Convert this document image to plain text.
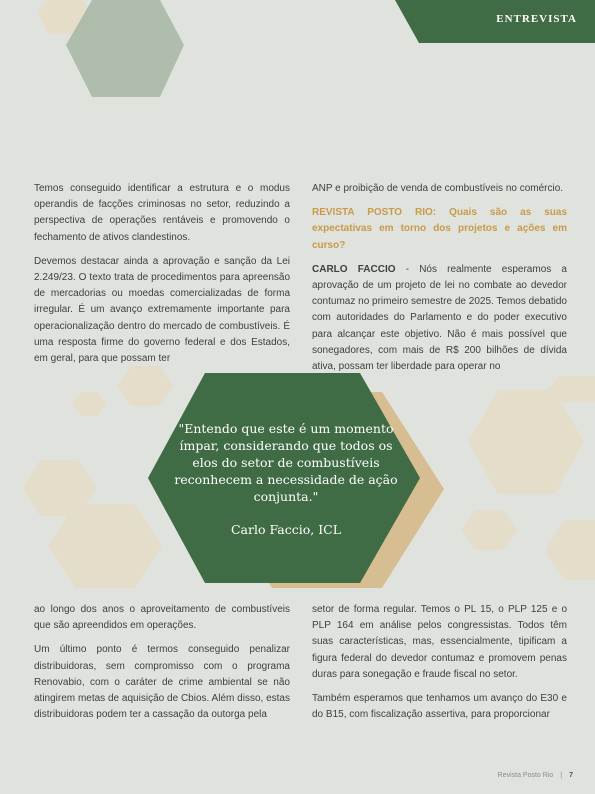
ENTREVISTA

Temos conseguido identificar a estrutura e o modus operandis de facções criminosas no setor, reduzindo a perspectiva de operações rentáveis e promovendo o fechamento de ativos clandestinos.

Devemos destacar ainda a aprovação e sanção da Lei 2.249/23. O texto trata de procedimentos para apreensão de mercadorias ou moedas comercializadas de forma irregular. É um avanço extremamente importante para operacionalização dentro do mercado de combustíveis. É uma resposta firme do governo federal e dos Estados, em geral, para que possam ter

ANP e proibição de venda de combustíveis no comércio.

REVISTA POSTO RIO: Quais são as suas expectativas em torno dos projetos e ações em curso?

CARLO FACCIO - Nós realmente esperamos a aprovação de um projeto de lei no combate ao devedor contumaz no primeiro semestre de 2025. Temos debatido com autoridades do Parlamento e do poder executivo para alcançar este objetivo. Não é mais possível que sonegadores, com mais de R$ 200 bilhões de dívida ativa, possam ter liberdade para operar no

"Entendo que este é um momento ímpar, considerando que todos os elos do setor de combustíveis reconhecem a necessidade de ação conjunta."
Carlo Faccio, ICL

ao longo dos anos o aproveitamento de combustíveis que são apreendidos em operações.

Um último ponto é termos conseguido penalizar distribuidoras, sem compromisso com o programa Renovabio, com o caráter de crime ambiental se não atingirem metas de aquisição de Cbios. Além disso, estas distribuidoras podem ter a cassação da outorga pela

setor de forma regular. Temos o PL 15, o PLP 125 e o PLP 164 em análise pelos congressistas. Todos têm suas características, mas, essencialmente, tipificam a figura federal do devedor contumaz e promovem penas duras para sonegação e fraude fiscal no setor.

Também esperamos que tenhamos um avanço do E30 e do B15, com fiscalização assertiva, para proporcionar

Revista Posto Rio | 7
